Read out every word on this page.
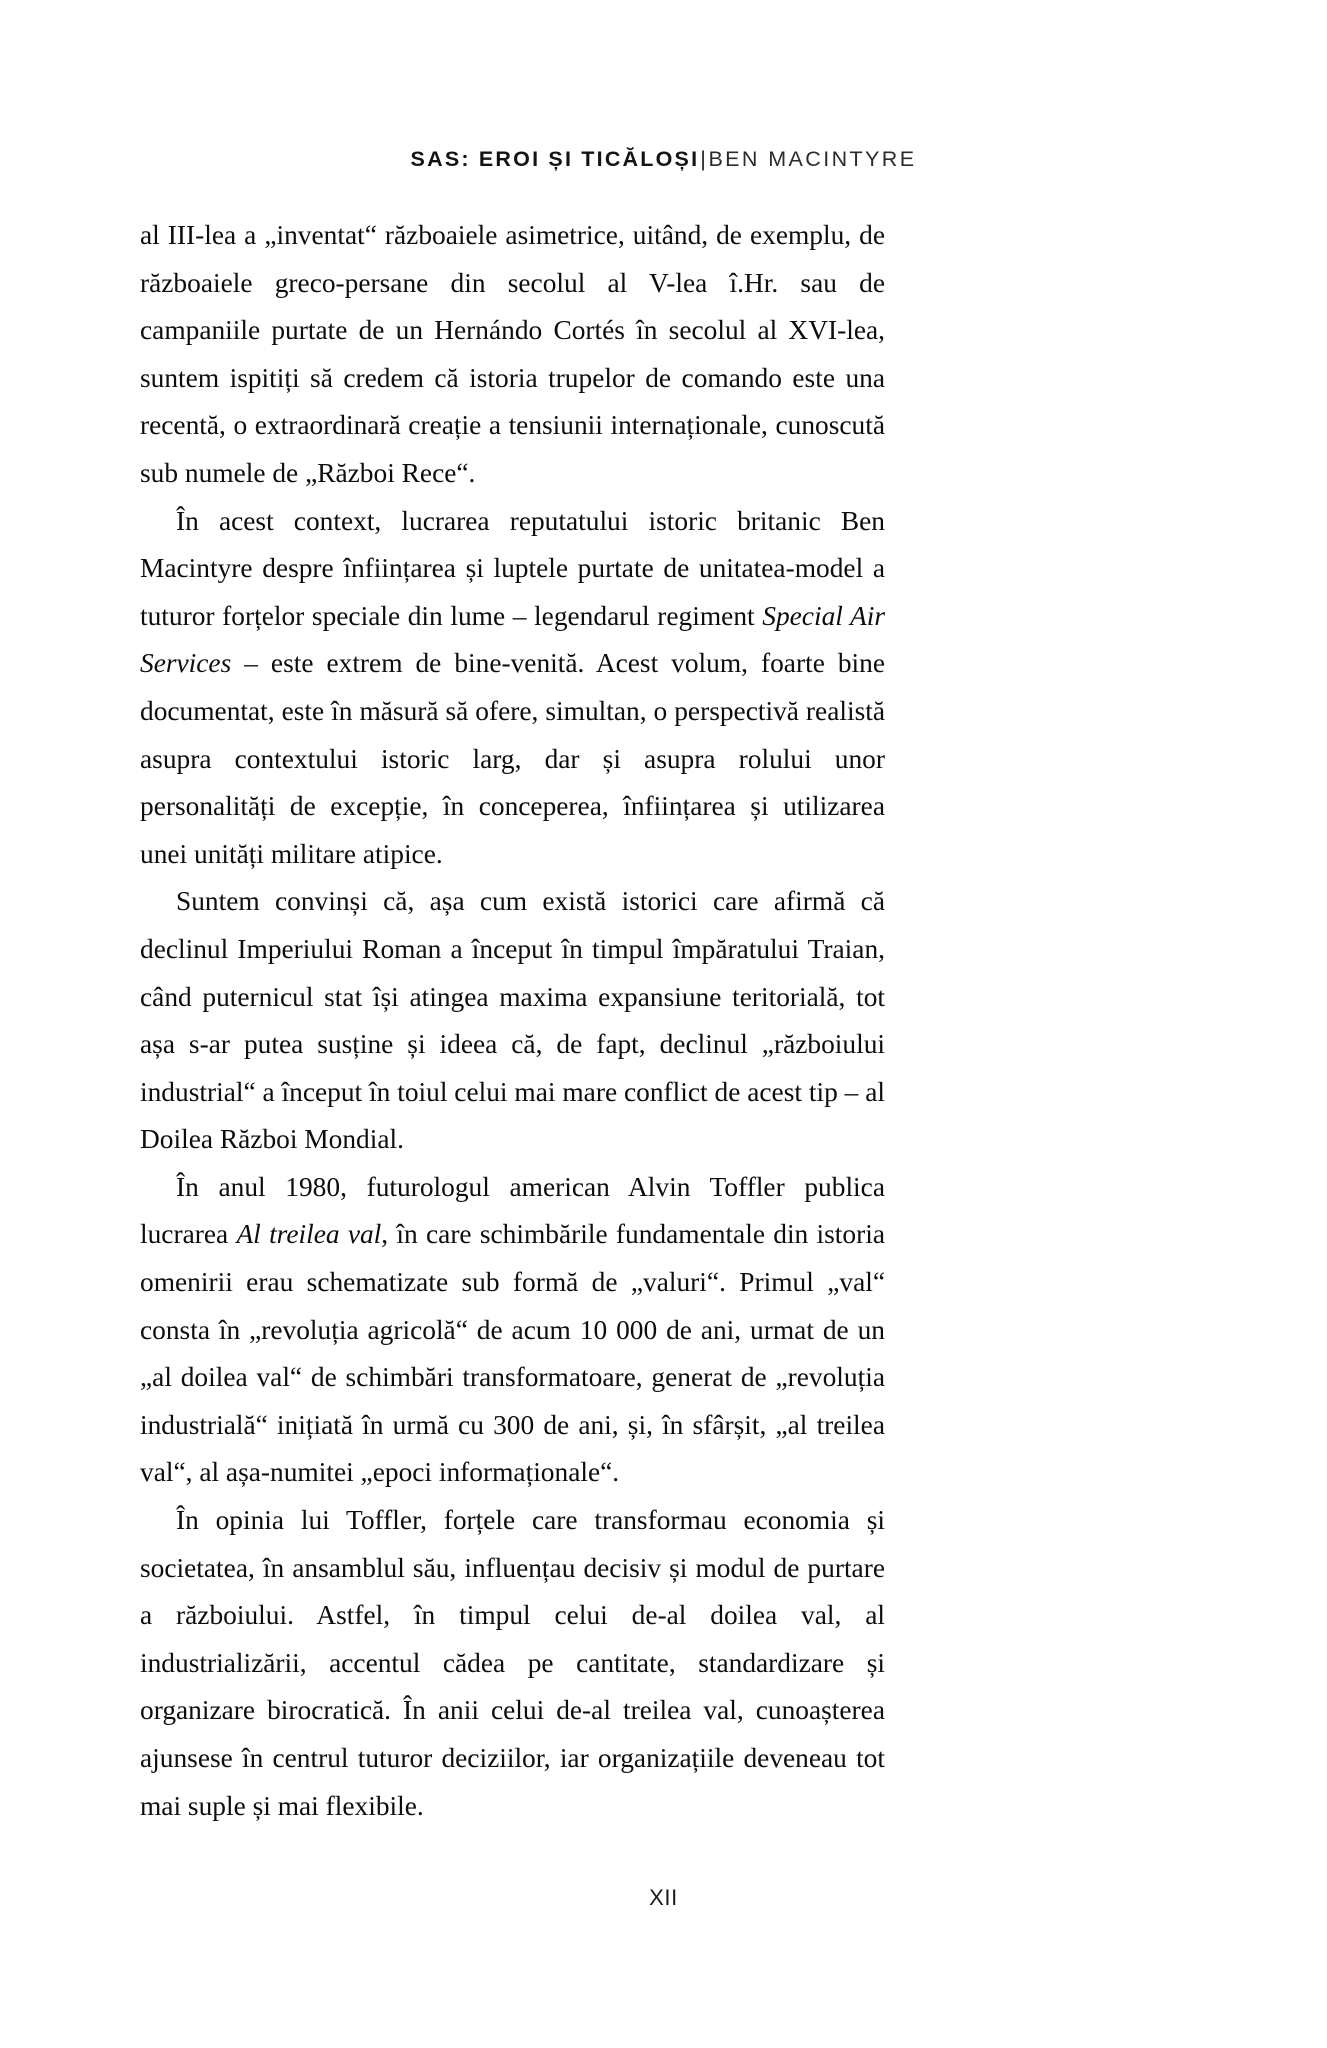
SAS: EROI ȘI TICĂLOȘI|BEN MACINTYRE

al III-lea a „inventat“ războaiele asimetrice, uitând, de exemplu, de războaiele greco-persane din secolul al V-lea î.Hr. sau de campaniile purtate de un Hernándo Cortés în secolul al XVI-lea, suntem ispitiți să credem că istoria trupelor de comando este una recentă, o extraordinară creație a tensiunii internaționale, cunoscută sub numele de „Război Rece“.

În acest context, lucrarea reputatului istoric britanic Ben Macintyre despre înființarea și luptele purtate de unitatea-model a tuturor forțelor speciale din lume – legendarul regiment Special Air Services – este extrem de bine-venită. Acest volum, foarte bine documentat, este în măsură să ofere, simultan, o perspectivă realistă asupra contextului istoric larg, dar și asupra rolului unor personalități de excepție, în conceperea, înființarea și utilizarea unei unități militare atipice.

Suntem convinși că, așa cum există istorici care afirmă că declinul Imperiului Roman a început în timpul împăratului Traian, când puternicul stat își atingea maxima expansiune teritorială, tot așa s-ar putea susține și ideea că, de fapt, declinul „războiului industrial“ a început în toiul celui mai mare conflict de acest tip – al Doilea Război Mondial.

În anul 1980, futurologul american Alvin Toffler publica lucrarea Al treilea val, în care schimbările fundamentale din istoria omenirii erau schematizate sub formă de „valuri“. Primul „val“ consta în „revoluția agricolă“ de acum 10 000 de ani, urmat de un „al doilea val“ de schimbări transformatoare, generat de „revoluția industrială“ inițiată în urmă cu 300 de ani, și, în sfârșit, „al treilea val“, al așa-numitei „epoci informaționale“.

În opinia lui Toffler, forțele care transformau economia și societatea, în ansamblul său, influențau decisiv și modul de purtare a războiului. Astfel, în timpul celui de-al doilea val, al industrializării, accentul cădea pe cantitate, standardizare și organizare birocratică. În anii celui de-al treilea val, cunoașterea ajunsese în centrul tuturor deciziilor, iar organizațiile deveneau tot mai suple și mai flexibile.

XII
